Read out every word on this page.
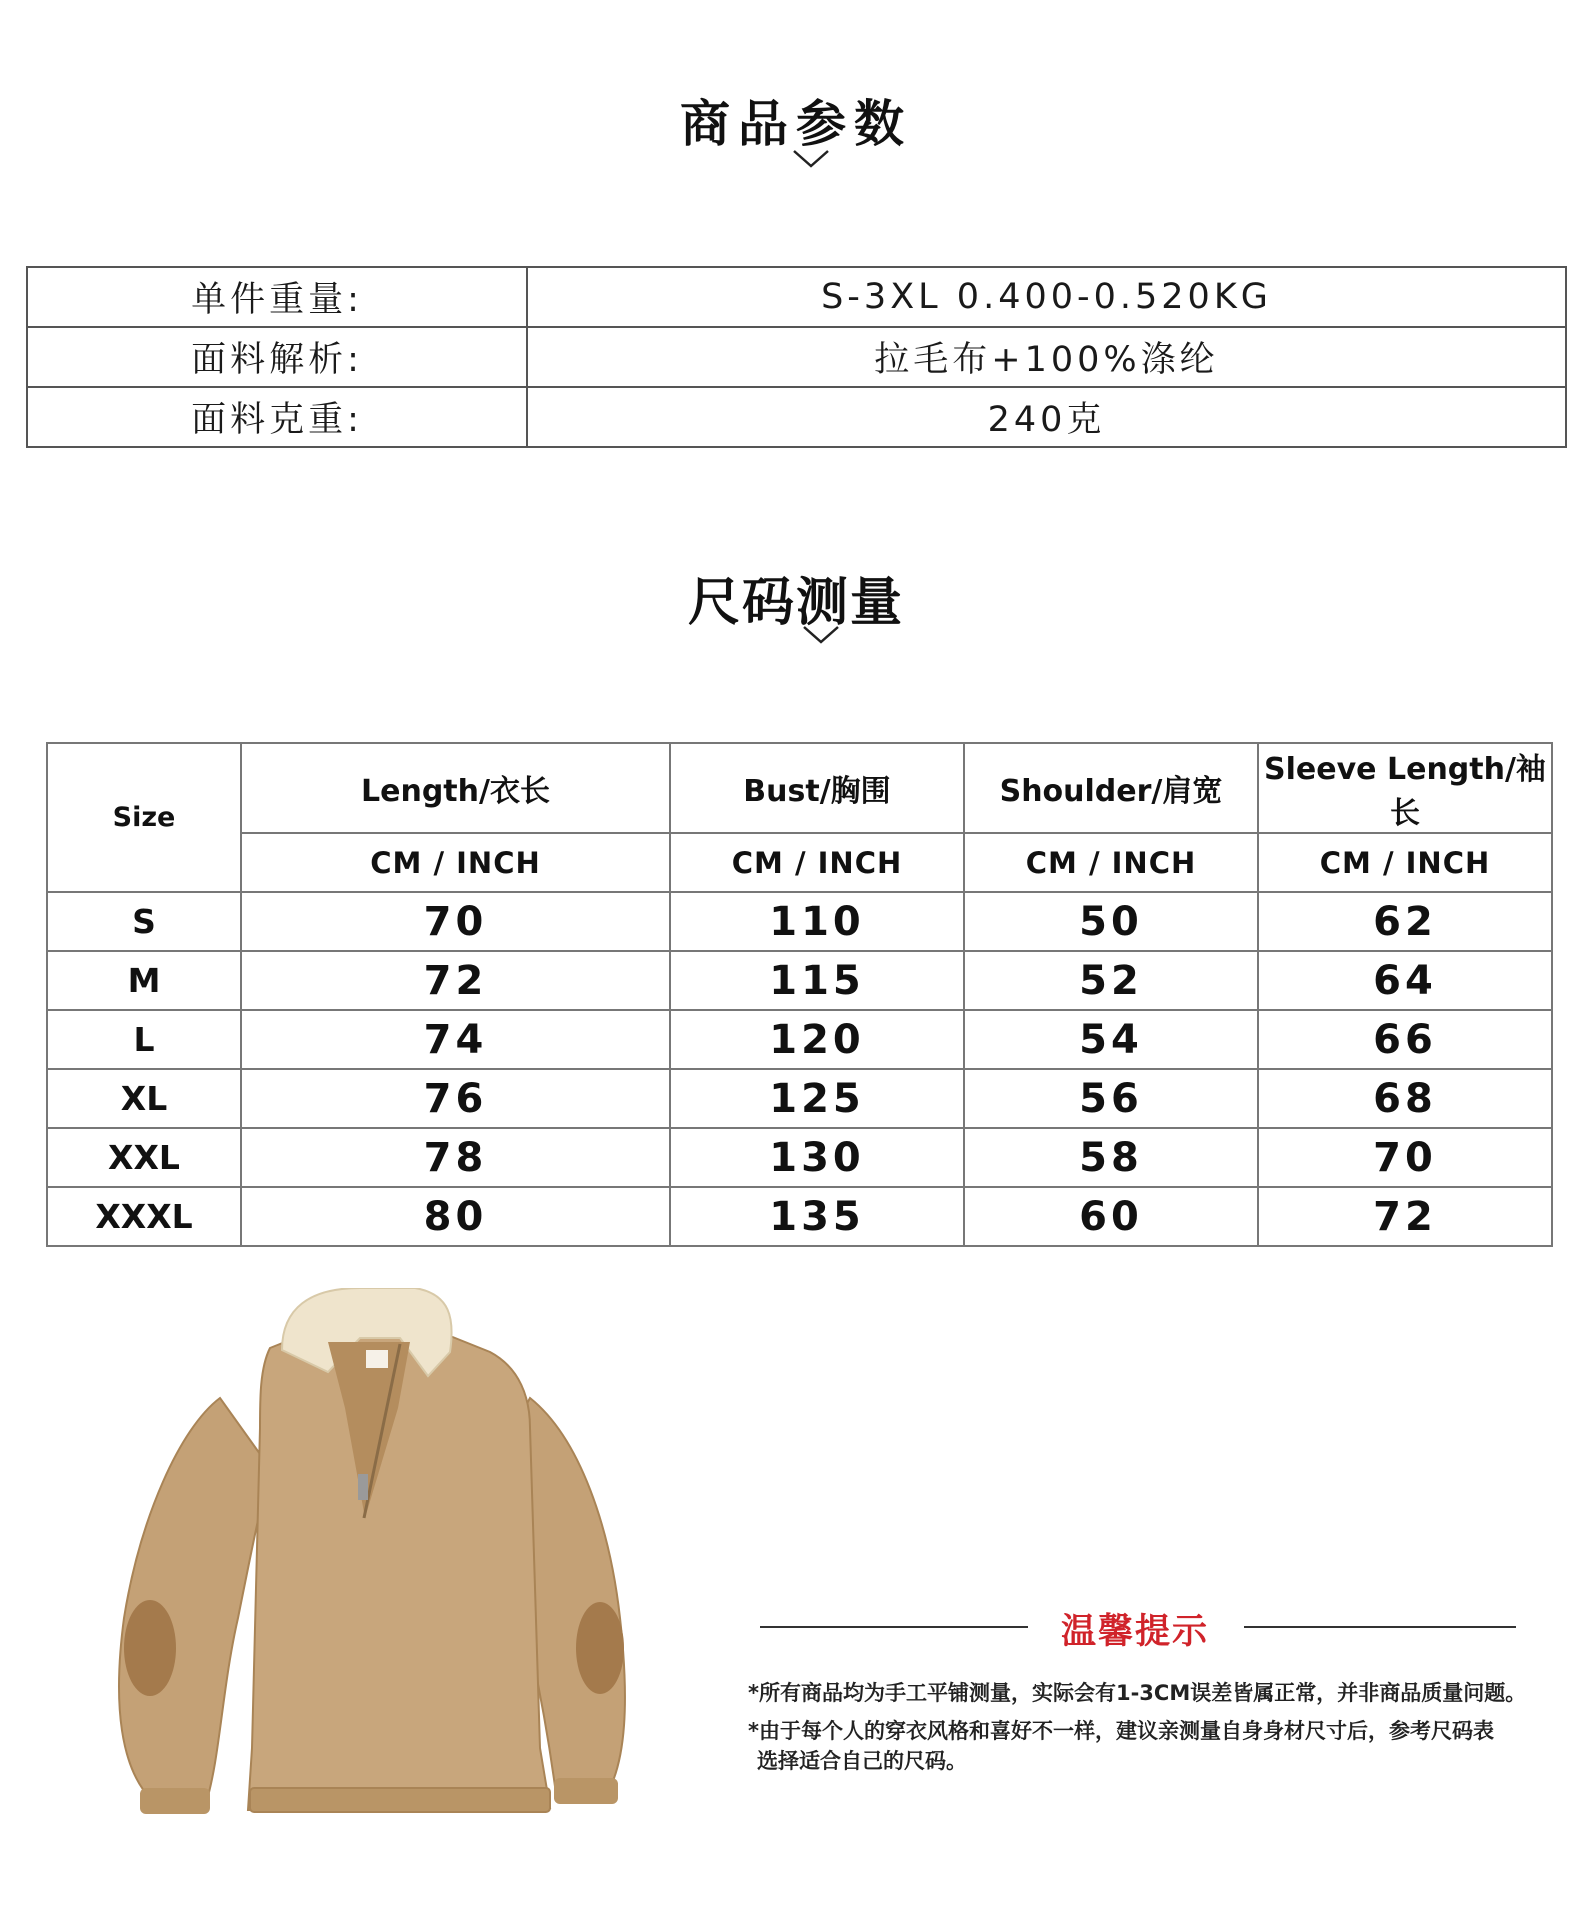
商品参数
单件重量:	S-3XL 0.400-0.520KG
面料解析:	拉毛布+100%涤纶
面料克重:	240克
尺码测量
Size	Length/衣长	Bust/胸围	Shoulder/肩宽	Sleeve Length/袖长
	CM / INCH	CM / INCH	CM / INCH	CM / INCH
S	70	110	50	62
M	72	115	52	64
L	74	120	54	66
XL	76	125	56	68
XXL	78	130	58	70
XXXL	80	135	60	72
温馨提示
*所有商品均为手工平铺测量，实际会有1-3CM误差皆属正常，并非商品质量问题。
*由于每个人的穿衣风格和喜好不一样，建议亲测量自身身材尺寸后，参考尺码表
选择适合自己的尺码。
